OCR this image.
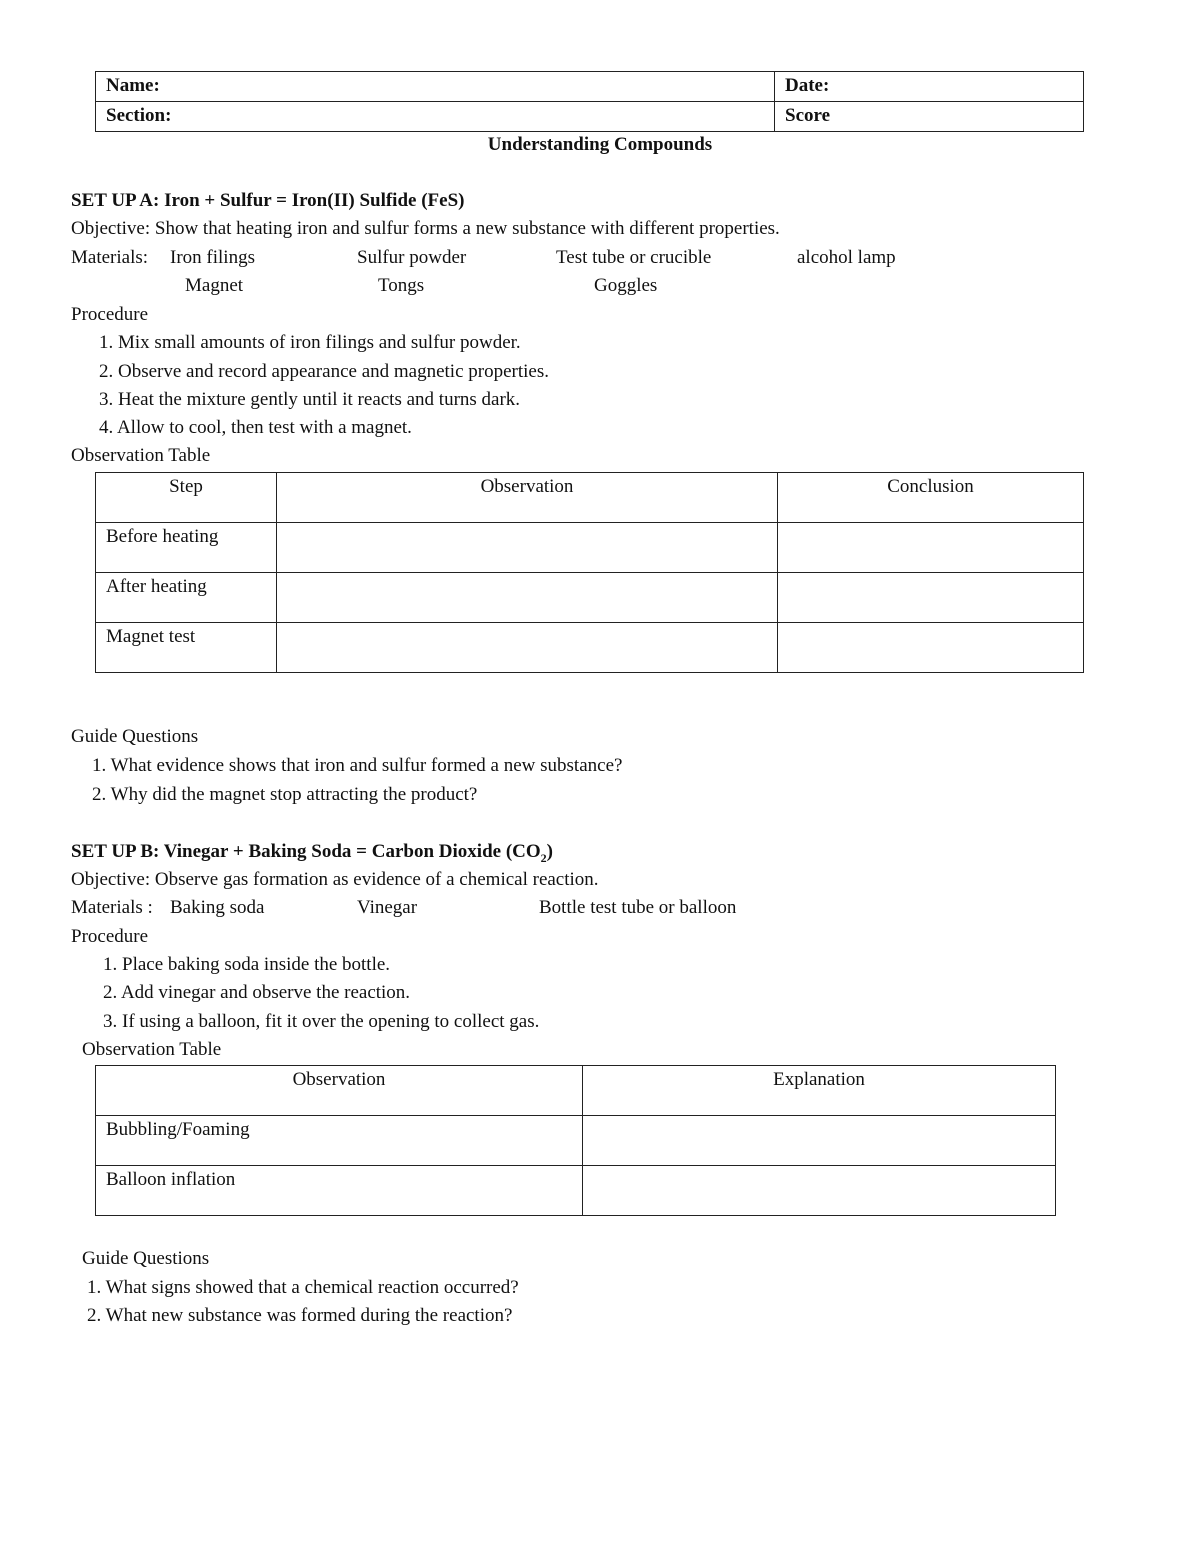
Name:	Date:

Section:	Score
Understanding Compounds
SET UP A: Iron + Sulfur = Iron(II) Sulfide (FeS)
Objective: Show that heating iron and sulfur forms a new substance with different properties.
Materials: Iron filings	Sulfur powder	Test tube or crucible	alcohol lamp
Magnet	Tongs	Goggles
Procedure
1. Mix small amounts of iron filings and sulfur powder.
2. Observe and record appearance and magnetic properties.
3. Heat the mixture gently until it reacts and turns dark.
4. Allow to cool, then test with a magnet.
Observation Table
Step	Observation	Conclusion

Before heating		

After heating		

Magnet test		

Guide Questions
1. What evidence shows that iron and sulfur formed a new substance?
2. Why did the magnet stop attracting the product?
SET UP B: Vinegar + Baking Soda = Carbon Dioxide $(CO_2)$
Objective: Observe gas formation as evidence of a chemical reaction.
Materials : Baking soda	Vinegar	Bottle test tube or balloon
Procedure
1. Place baking soda inside the bottle.
2. Add vinegar and observe the reaction.
3. If using a balloon, fit it over the opening to collect gas.
Observation Table
Observation	Explanation

Bubbling/Foaming	

Balloon inflation	

Guide Questions
1. What signs showed that a chemical reaction occurred?
2. What new substance was formed during the reaction?
